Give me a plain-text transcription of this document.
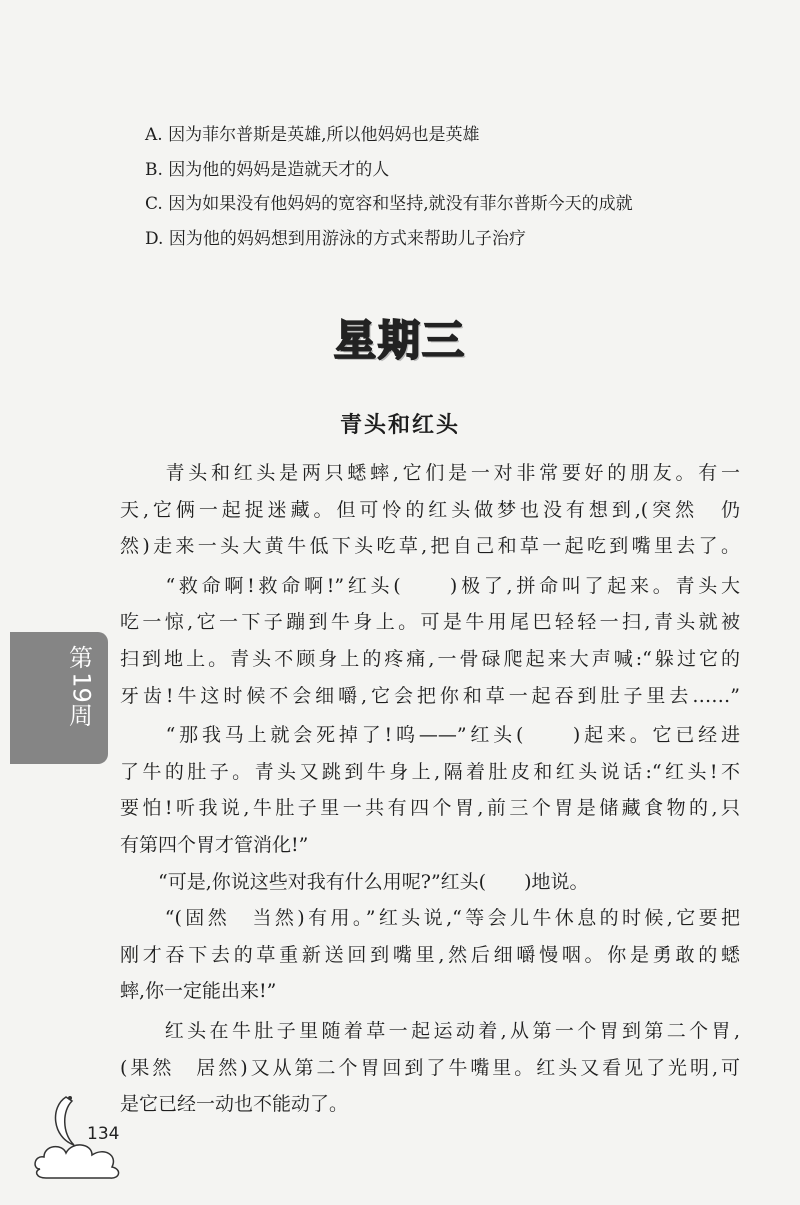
A. 因为菲尔普斯是英雄,所以他妈妈也是英雄
B. 因为他的妈妈是造就天才的人
C. 因为如果没有他妈妈的宽容和坚持,就没有菲尔普斯今天的成就
D. 因为他的妈妈想到用游泳的方式来帮助儿子治疗
星期三
青头和红头
　　青头和红头是两只蟋蟀,它们是一对非常要好的朋友。有一
天,它俩一起捉迷藏。但可怜的红头做梦也没有想到,(突然　仍
然)走来一头大黄牛低下头吃草,把自己和草一起吃到嘴里去了。
　　“救命啊!救命啊!”红头(　　)极了,拼命叫了起来。青头大
吃一惊,它一下子蹦到牛身上。可是牛用尾巴轻轻一扫,青头就被
扫到地上。青头不顾身上的疼痛,一骨碌爬起来大声喊:“躲过它的
牙齿!牛这时候不会细嚼,它会把你和草一起吞到肚子里去……”
　　“那我马上就会死掉了!呜——”红头(　　)起来。它已经进
了牛的肚子。青头又跳到牛身上,隔着肚皮和红头说话:“红头!不
要怕!听我说,牛肚子里一共有四个胃,前三个胃是储藏食物的,只
有第四个胃才管消化!”
　　“可是,你说这些对我有什么用呢?”红头(　　)地说。
　　“(固然　当然)有用。”红头说,“等会儿牛休息的时候,它要把
刚才吞下去的草重新送回到嘴里,然后细嚼慢咽。你是勇敢的蟋
蟀,你一定能出来!”
　　红头在牛肚子里随着草一起运动着,从第一个胃到第二个胃,
(果然　居然)又从第二个胃回到了牛嘴里。红头又看见了光明,可
是它已经一动也不能动了。
第
19
周
134
